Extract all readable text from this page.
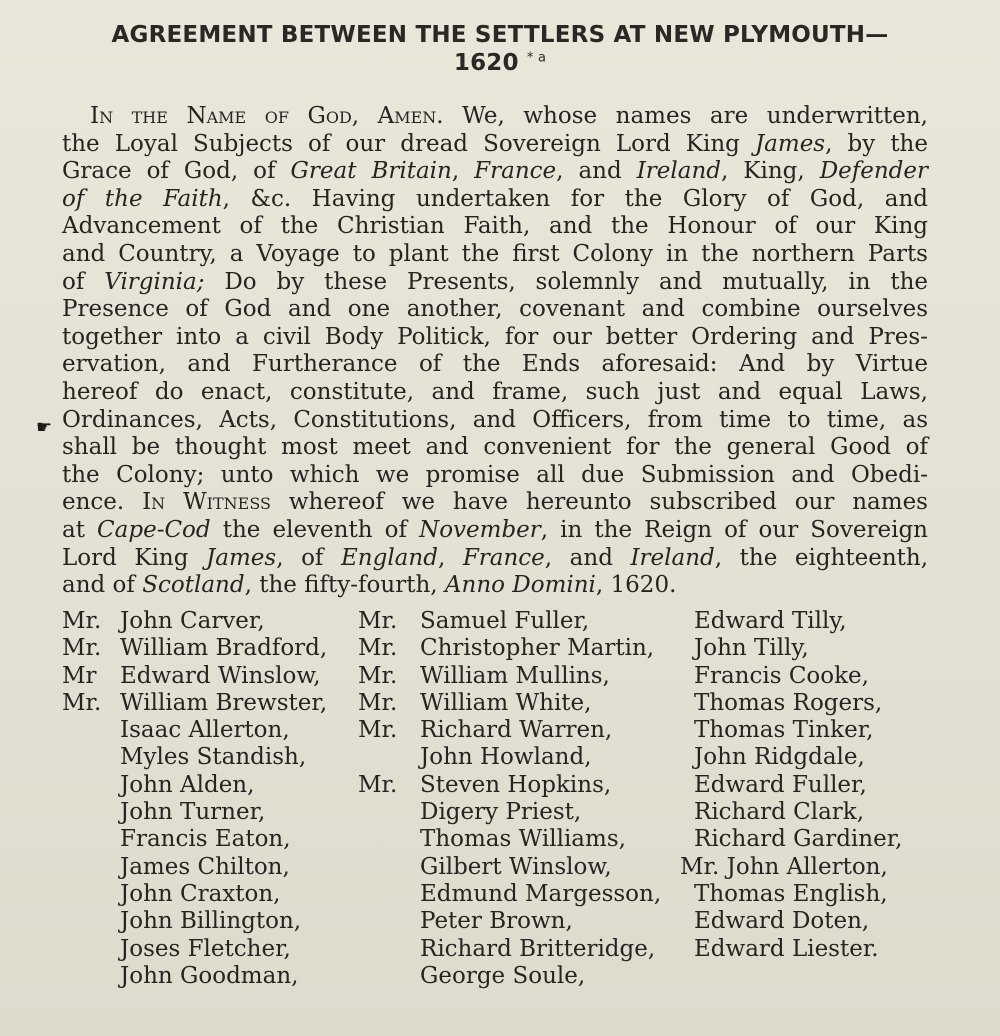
AGREEMENT BETWEEN THE SETTLERS AT NEW PLYMOUTH—
1620 $^{* a}$
☛
In the Name of God, Amen. We, whose names are underwritten,
the Loyal Subjects of our dread Sovereign Lord King James, by the
Grace of God, of Great Britain, France, and Ireland, King, Defender
of the Faith, &c. Having undertaken for the Glory of God, and
Advancement of the Christian Faith, and the Honour of our King
and Country, a Voyage to plant the first Colony in the northern Parts
of Virginia; Do by these Presents, solemnly and mutually, in the
Presence of God and one another, covenant and combine ourselves
together into a civil Body Politick, for our better Ordering and Pres-
ervation, and Furtherance of the Ends aforesaid: And by Virtue
hereof do enact, constitute, and frame, such just and equal Laws,
Ordinances, Acts, Constitutions, and Officers, from time to time, as
shall be thought most meet and convenient for the general Good of
the Colony; unto which we promise all due Submission and Obedi-
ence. In Witness whereof we have hereunto subscribed our names
at Cape-Cod the eleventh of November, in the Reign of our Sovereign
Lord King James, of England, France, and Ireland, the eighteenth,
and of Scotland, the fifty-fourth, Anno Domini, 1620.
Mr. John Carver,
Mr. William Bradford,
Mr	Edward Winslow,
Mr. William Brewster,
Isaac Allerton,
Myles Standish,
John Alden,
John Turner,
Francis Eaton,
James Chilton,
John Craxton,
John Billington,
Joses Fletcher,
John Goodman,
Mr. Samuel Fuller,
Mr. Christopher Martin,
Mr. William Mullins,
Mr. William White,
Mr. Richard Warren,
John Howland,
Mr. Steven Hopkins,
Digery Priest,
Thomas Williams,
Gilbert Winslow,
Edmund Margesson,
Peter Brown,
Richard Britteridge,
George Soule,
Edward Tilly,
John Tilly,
Francis Cooke,
Thomas Rogers,
Thomas Tinker,
John Ridgdale,
Edward Fuller,
Richard Clark,
Richard Gardiner,
Mr. John Allerton,
Thomas English,
Edward Doten,
Edward Liester.
